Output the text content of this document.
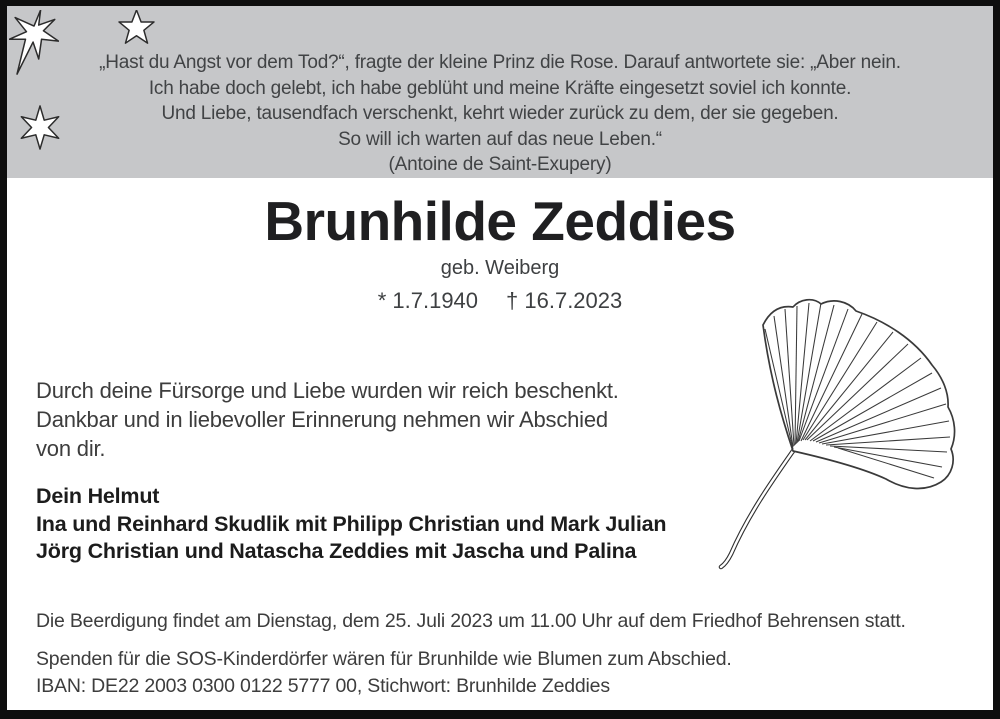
„Hast du Angst vor dem Tod?“, fragte der kleine Prinz die Rose. Darauf antwortete sie: „Aber nein.
Ich habe doch gelebt, ich habe geblüht und meine Kräfte eingesetzt soviel ich konnte.
Und Liebe, tausendfach verschenkt, kehrt wieder zurück zu dem, der sie gegeben.
So will ich warten auf das neue Leben.“
(Antoine de Saint-Exupery)
Brunhilde Zeddies
geb. Weiberg
* 1.7.1940 † 16.7.2023
Durch deine Fürsorge und Liebe wurden wir reich beschenkt.
Dankbar und in liebevoller Erinnerung nehmen wir Abschied
von dir.
Dein Helmut
Ina und Reinhard Skudlik mit Philipp Christian und Mark Julian
Jörg Christian und Natascha Zeddies mit Jascha und Palina
Die Beerdigung findet am Dienstag, dem 25. Juli 2023 um 11.00 Uhr auf dem Friedhof Behrensen statt.
Spenden für die SOS-Kinderdörfer wären für Brunhilde wie Blumen zum Abschied.
IBAN: DE22 2003 0300 0122 5777 00, Stichwort: Brunhilde Zeddies
